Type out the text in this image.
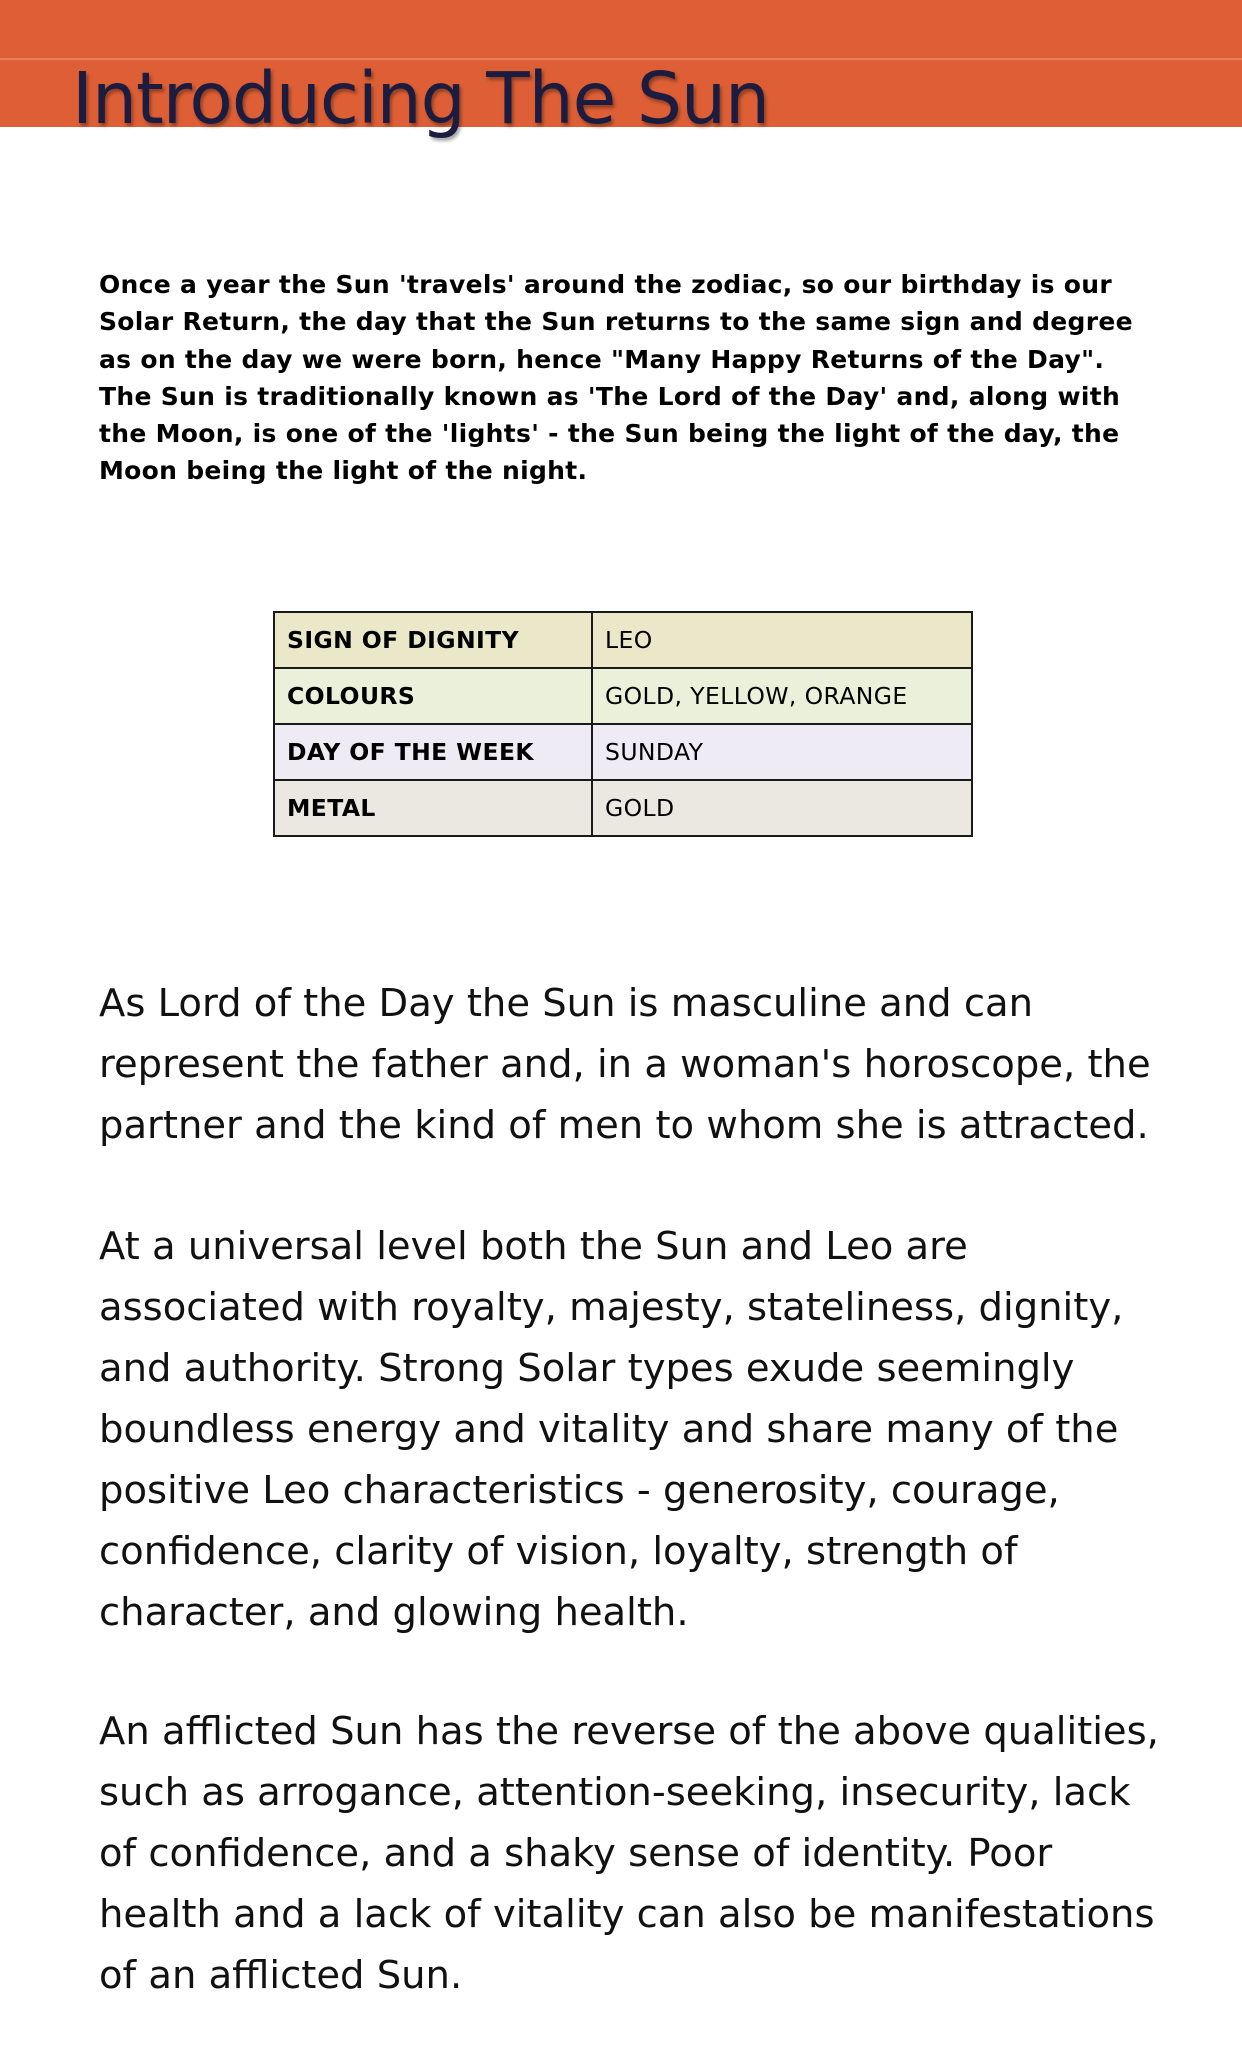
Introducing The Sun

Once a year the Sun 'travels' around the zodiac, so our birthday is our Solar Return, the day that the Sun returns to the same sign and degree as on the day we were born, hence "Many Happy Returns of the Day". The Sun is traditionally known as 'The Lord of the Day' and, along with the Moon, is one of the 'lights' - the Sun being the light of the day, the Moon being the light of the night.

SIGN OF DIGNITY	LEO
COLOURS	GOLD, YELLOW, ORANGE
DAY OF THE WEEK	SUNDAY
METAL	GOLD

As Lord of the Day the Sun is masculine and can represent the father and, in a woman's horoscope, the partner and the kind of men to whom she is attracted.

At a universal level both the Sun and Leo are associated with royalty, majesty, stateliness, dignity, and authority. Strong Solar types exude seemingly boundless energy and vitality and share many of the positive Leo characteristics - generosity, courage, confidence, clarity of vision, loyalty, strength of character, and glowing health.

An afflicted Sun has the reverse of the above qualities, such as arrogance, attention-seeking, insecurity, lack of confidence, and a shaky sense of identity. Poor health and a lack of vitality can also be manifestations of an afflicted Sun.
